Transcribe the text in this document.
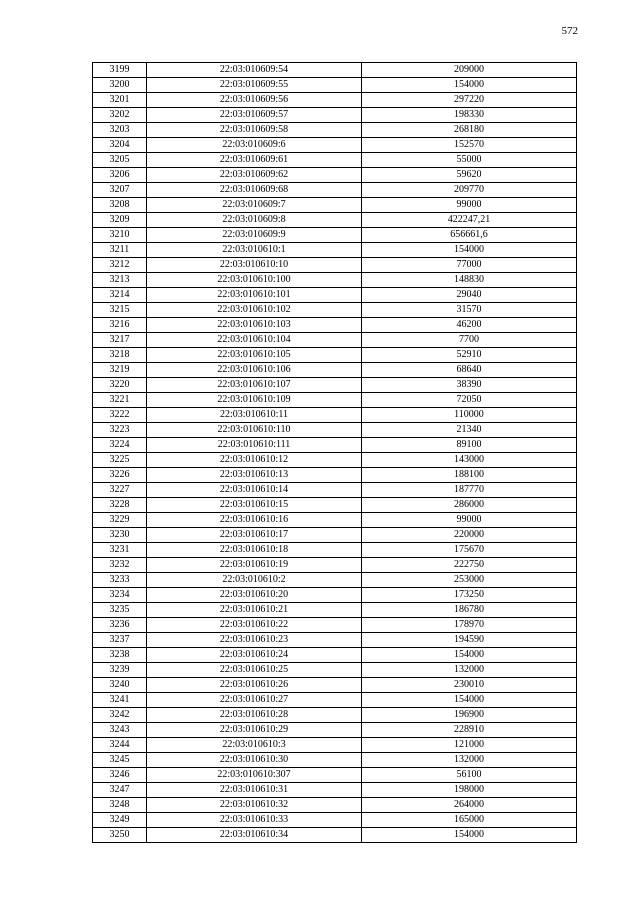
572
3199	22:03:010609:54	209000
3200	22:03:010609:55	154000
3201	22:03:010609:56	297220
3202	22:03:010609:57	198330
3203	22:03:010609:58	268180
3204	22:03:010609:6	152570
3205	22:03:010609:61	55000
3206	22:03:010609:62	59620
3207	22:03:010609:68	209770
3208	22:03:010609:7	99000
3209	22:03:010609:8	422247,21
3210	22:03:010609:9	656661,6
3211	22:03:010610:1	154000
3212	22:03:010610:10	77000
3213	22:03:010610:100	148830
3214	22:03:010610:101	29040
3215	22:03:010610:102	31570
3216	22:03:010610:103	46200
3217	22:03:010610:104	7700
3218	22:03:010610:105	52910
3219	22:03:010610:106	68640
3220	22:03:010610:107	38390
3221	22:03:010610:109	72050
3222	22:03:010610:11	110000
3223	22:03:010610:110	21340
3224	22:03:010610:111	89100
3225	22:03:010610:12	143000
3226	22:03:010610:13	188100
3227	22:03:010610:14	187770
3228	22:03:010610:15	286000
3229	22:03:010610:16	99000
3230	22:03:010610:17	220000
3231	22:03:010610:18	175670
3232	22:03:010610:19	222750
3233	22:03:010610:2	253000
3234	22:03:010610:20	173250
3235	22:03:010610:21	186780
3236	22:03:010610:22	178970
3237	22:03:010610:23	194590
3238	22:03:010610:24	154000
3239	22:03:010610:25	132000
3240	22:03:010610:26	230010
3241	22:03:010610:27	154000
3242	22:03:010610:28	196900
3243	22:03:010610:29	228910
3244	22:03:010610:3	121000
3245	22:03:010610:30	132000
3246	22:03:010610:307	56100
3247	22:03:010610:31	198000
3248	22:03:010610:32	264000
3249	22:03:010610:33	165000
3250	22:03:010610:34	154000
